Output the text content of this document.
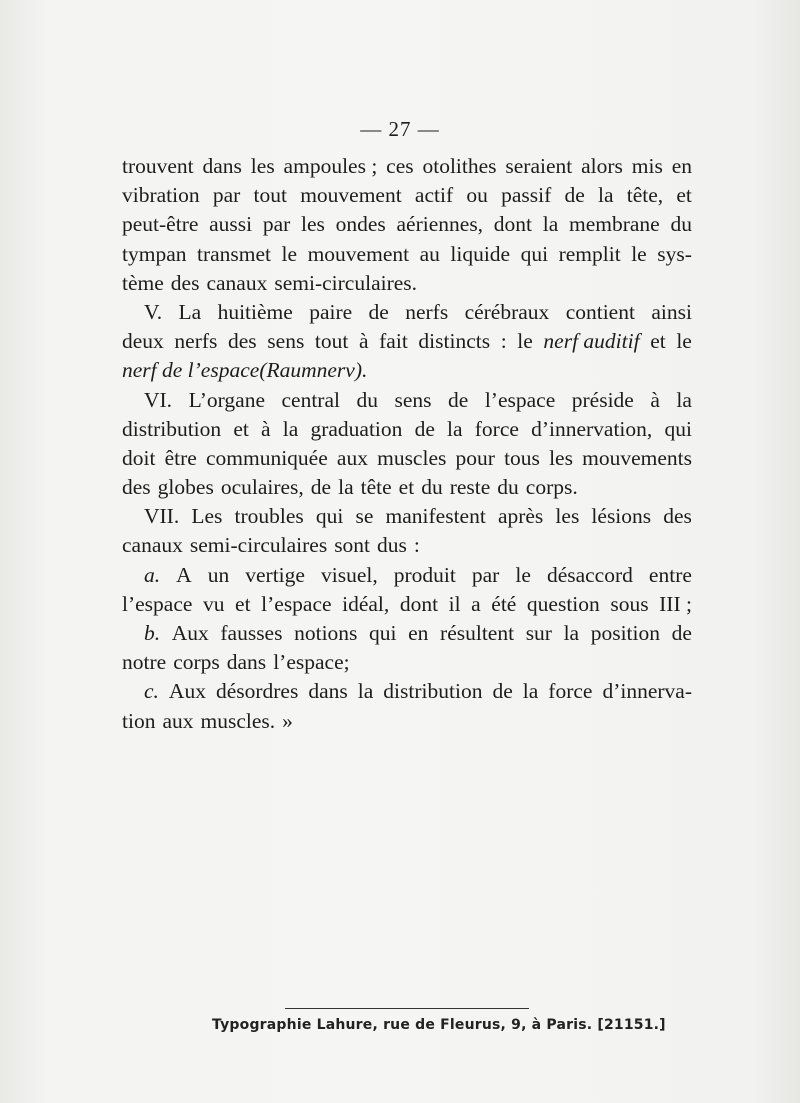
— 27 —
trouvent dans les ampoules ; ces otolithes seraient alors mis en
vibration par tout mouvement actif ou passif de la tête, et
peut-être aussi par les ondes aériennes, dont la membrane du
tympan transmet le mouvement au liquide qui remplit le sys-
tème des canaux semi-circulaires.
V. La huitième paire de nerfs cérébraux contient ainsi
deux nerfs des sens tout à fait distincts : le nerf auditif et le
nerf de l’espace (Raumnerv).
VI. L’organe central du sens de l’espace préside à la
distribution et à la graduation de la force d’innervation, qui
doit être communiquée aux muscles pour tous les mouvements
des globes oculaires, de la tête et du reste du corps.
VII. Les troubles qui se manifestent après les lésions des
canaux semi-circulaires sont dus :
a. A un vertige visuel, produit par le désaccord entre
l’espace vu et l’espace idéal, dont il a été question sous III ;
b. Aux fausses notions qui en résultent sur la position de
notre corps dans l’espace;
c. Aux désordres dans la distribution de la force d’innerva-
tion aux muscles. »
Typographie Lahure, rue de Fleurus, 9, à Paris. [21151.]
